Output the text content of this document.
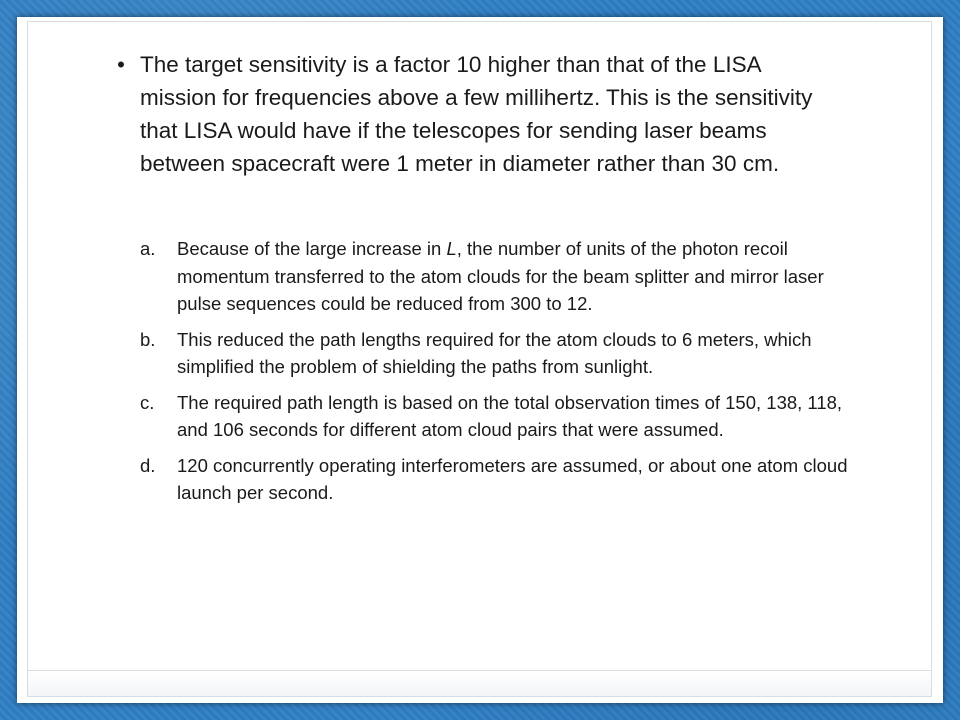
• The target sensitivity is a factor 10 higher than that of the LISA mission for frequencies above a few millihertz. This is the sensitivity that LISA would have if the telescopes for sending laser beams between spacecraft were 1 meter in diameter rather than 30 cm.

a.	Because of the large increase in L, the number of units of the photon recoil momentum transferred to the atom clouds for the beam splitter and mirror laser pulse sequences could be reduced from 300 to 12.

b.	This reduced the path lengths required for the atom clouds to 6 meters, which simplified the problem of shielding the paths from sunlight.

c.	The required path length is based on the total observation times of 150, 138, 118, and 106 seconds for different atom cloud pairs that were assumed.

d.	120 concurrently operating interferometers are assumed, or about one atom cloud launch per second.
